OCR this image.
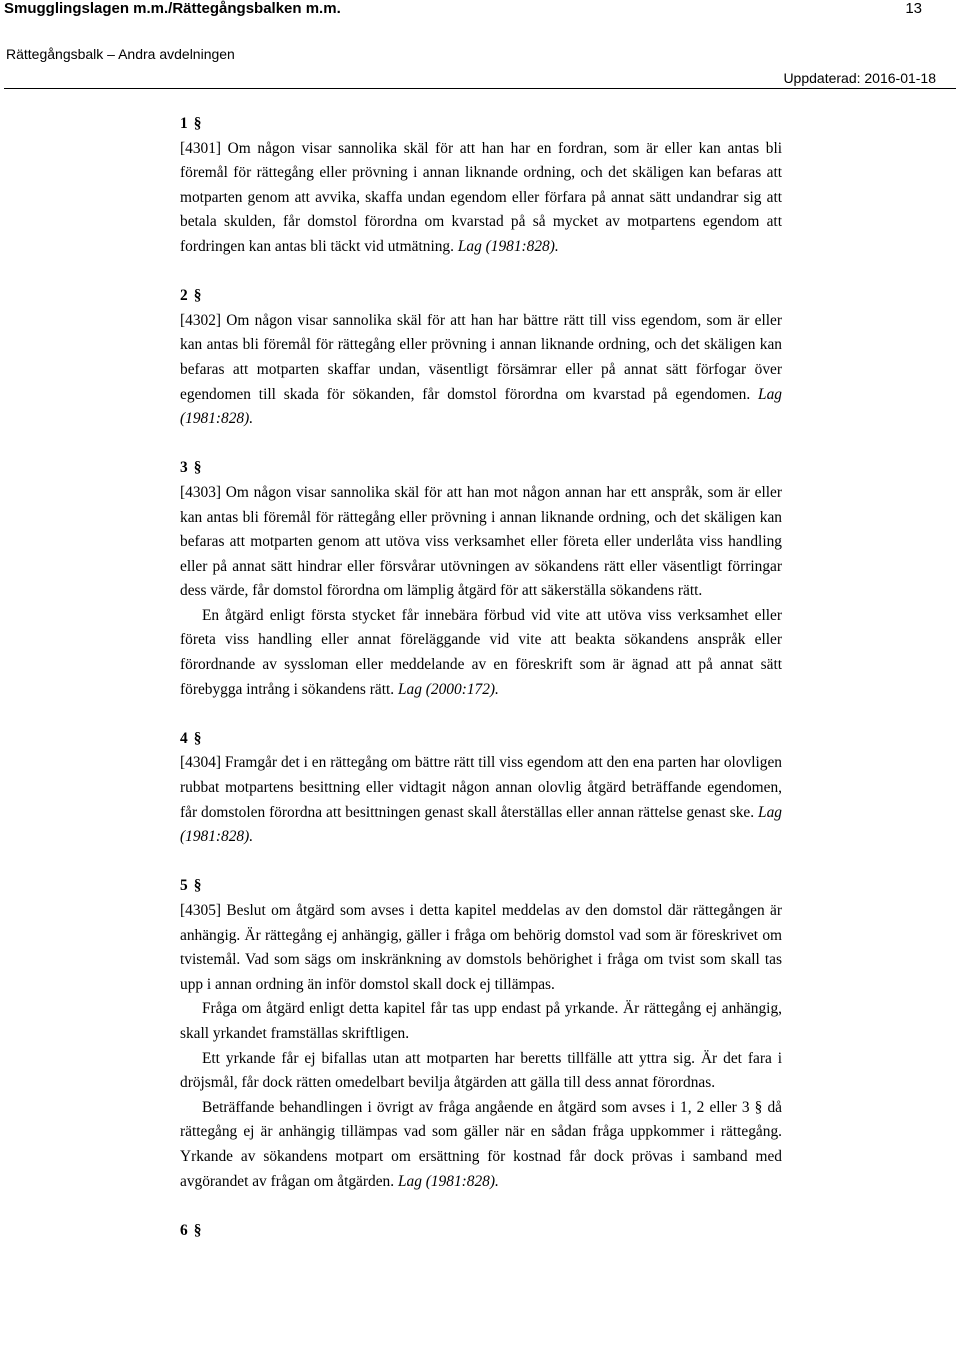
Smugglingslagen m.m./Rättegångsbalken m.m.	13
Rättegångsbalk – Andra avdelningen
Uppdaterad: 2016-01-18
1 §
[4301] Om någon visar sannolika skäl för att han har en fordran, som är eller kan antas bli föremål för rättegång eller prövning i annan liknande ordning, och det skäligen kan befaras att motparten genom att avvika, skaffa undan egendom eller förfara på annat sätt undandrar sig att betala skulden, får domstol förordna om kvarstad på så mycket av motpartens egendom att fordringen kan antas bli täckt vid utmätning. Lag (1981:828).
2 §
[4302] Om någon visar sannolika skäl för att han har bättre rätt till viss egendom, som är eller kan antas bli föremål för rättegång eller prövning i annan liknande ordning, och det skäligen kan befaras att motparten skaffar undan, väsentligt försämrar eller på annat sätt förfogar över egendomen till skada för sökanden, får domstol förordna om kvarstad på egendomen. Lag (1981:828).
3 §
[4303] Om någon visar sannolika skäl för att han mot någon annan har ett anspråk, som är eller kan antas bli föremål för rättegång eller prövning i annan liknande ordning, och det skäligen kan befaras att motparten genom att utöva viss verksamhet eller företa eller underlåta viss handling eller på annat sätt hindrar eller försvårar utövningen av sökandens rätt eller väsentligt förringar dess värde, får domstol förordna om lämplig åtgärd för att säkerställa sökandens rätt.
En åtgärd enligt första stycket får innebära förbud vid vite att utöva viss verksamhet eller företa viss handling eller annat föreläggande vid vite att beakta sökandens anspråk eller förordnande av syssloman eller meddelande av en föreskrift som är ägnad att på annat sätt förebygga intrång i sökandens rätt. Lag (2000:172).
4 §
[4304] Framgår det i en rättegång om bättre rätt till viss egendom att den ena parten har olovligen rubbat motpartens besittning eller vidtagit någon annan olovlig åtgärd beträffande egendomen, får domstolen förordna att besittningen genast skall återställas eller annan rättelse genast ske. Lag (1981:828).
5 §
[4305] Beslut om åtgärd som avses i detta kapitel meddelas av den domstol där rättegången är anhängig. Är rättegång ej anhängig, gäller i fråga om behörig domstol vad som är föreskrivet om tvistemål. Vad som sägs om inskränkning av domstols behörighet i fråga om tvist som skall tas upp i annan ordning än inför domstol skall dock ej tillämpas.
Fråga om åtgärd enligt detta kapitel får tas upp endast på yrkande. Är rättegång ej anhängig, skall yrkandet framställas skriftligen.
Ett yrkande får ej bifallas utan att motparten har beretts tillfälle att yttra sig. Är det fara i dröjsmål, får dock rätten omedelbart bevilja åtgärden att gälla till dess annat förordnas.
Beträffande behandlingen i övrigt av fråga angående en åtgärd som avses i 1, 2 eller 3 § då rättegång ej är anhängig tillämpas vad som gäller när en sådan fråga uppkommer i rättegång. Yrkande av sökandens motpart om ersättning för kostnad får dock prövas i samband med avgörandet av frågan om åtgärden. Lag (1981:828).
6 §
